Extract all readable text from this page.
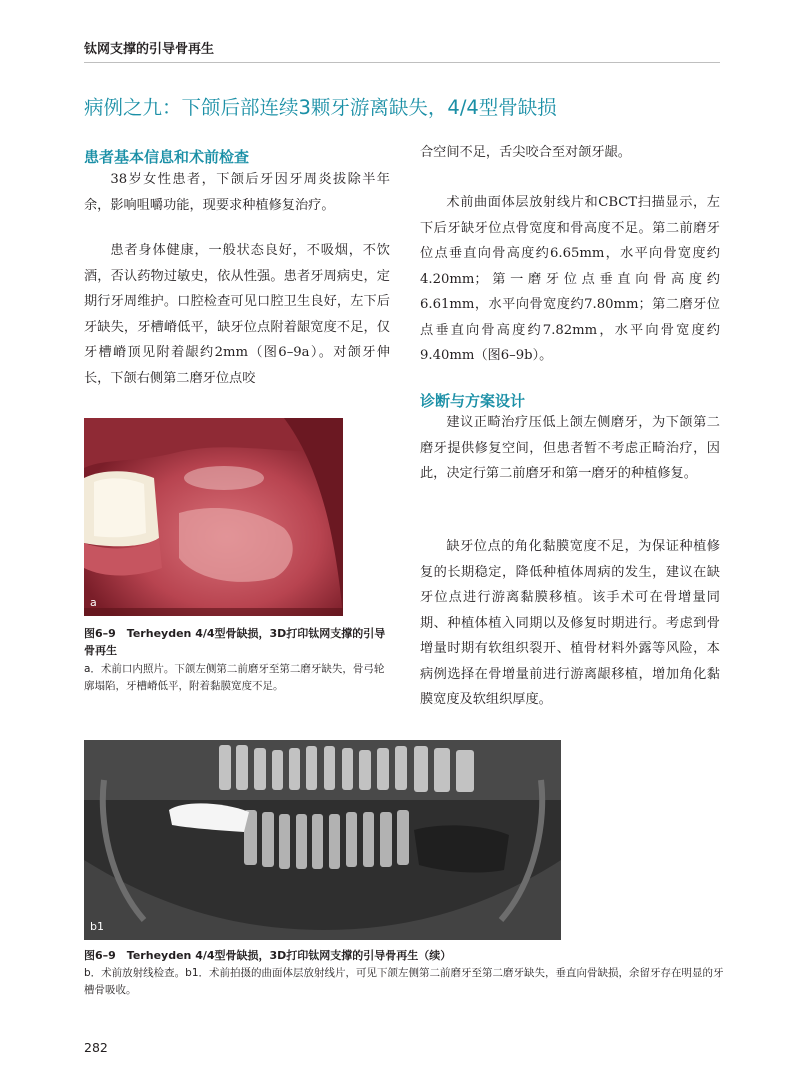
钛网支撑的引导骨再生
病例之九：下颌后部连续3颗牙游离缺失，4/4型骨缺损
患者基本信息和术前检查
38岁女性患者，下颌后牙因牙周炎拔除半年余，影响咀嚼功能，现要求种植修复治疗。
患者身体健康，一般状态良好，不吸烟，不饮酒，否认药物过敏史，依从性强。患者牙周病史，定期行牙周维护。口腔检查可见口腔卫生良好，左下后牙缺失，牙槽嵴低平，缺牙位点附着龈宽度不足，仅牙槽嵴顶见附着龈约2mm（图6–9a）。对颌牙伸长，下颌右侧第二磨牙位点咬
a
图6–9　Terheyden 4/4型骨缺损，3D打印钛网支撑的引导骨再生
a．术前口内照片。下颌左侧第二前磨牙至第二磨牙缺失，骨弓轮廓塌陷，牙槽嵴低平，附着黏膜宽度不足。
合空间不足，舌尖咬合至对颌牙龈。
术前曲面体层放射线片和CBCT扫描显示，左下后牙缺牙位点骨宽度和骨高度不足。第二前磨牙位点垂直向骨高度约6.65mm，水平向骨宽度约4.20mm；第一磨牙位点垂直向骨高度约6.61mm，水平向骨宽度约7.80mm；第二磨牙位点垂直向骨高度约7.82mm，水平向骨宽度约9.40mm（图6–9b）。
诊断与方案设计
建议正畸治疗压低上颌左侧磨牙，为下颌第二磨牙提供修复空间，但患者暂不考虑正畸治疗，因此，决定行第二前磨牙和第一磨牙的种植修复。
缺牙位点的角化黏膜宽度不足，为保证种植修复的长期稳定，降低种植体周病的发生，建议在缺牙位点进行游离黏膜移植。该手术可在骨增量同期、种植体植入同期以及修复时期进行。考虑到骨增量时期有软组织裂开、植骨材料外露等风险，本病例选择在骨增量前进行游离龈移植，增加角化黏膜宽度及软组织厚度。
b1
图6–9　Terheyden 4/4型骨缺损，3D打印钛网支撑的引导骨再生（续）
b．术前放射线检查。b1．术前拍摄的曲面体层放射线片，可见下颌左侧第二前磨牙至第二磨牙缺失，垂直向骨缺损，余留牙存在明显的牙槽骨吸收。
282
